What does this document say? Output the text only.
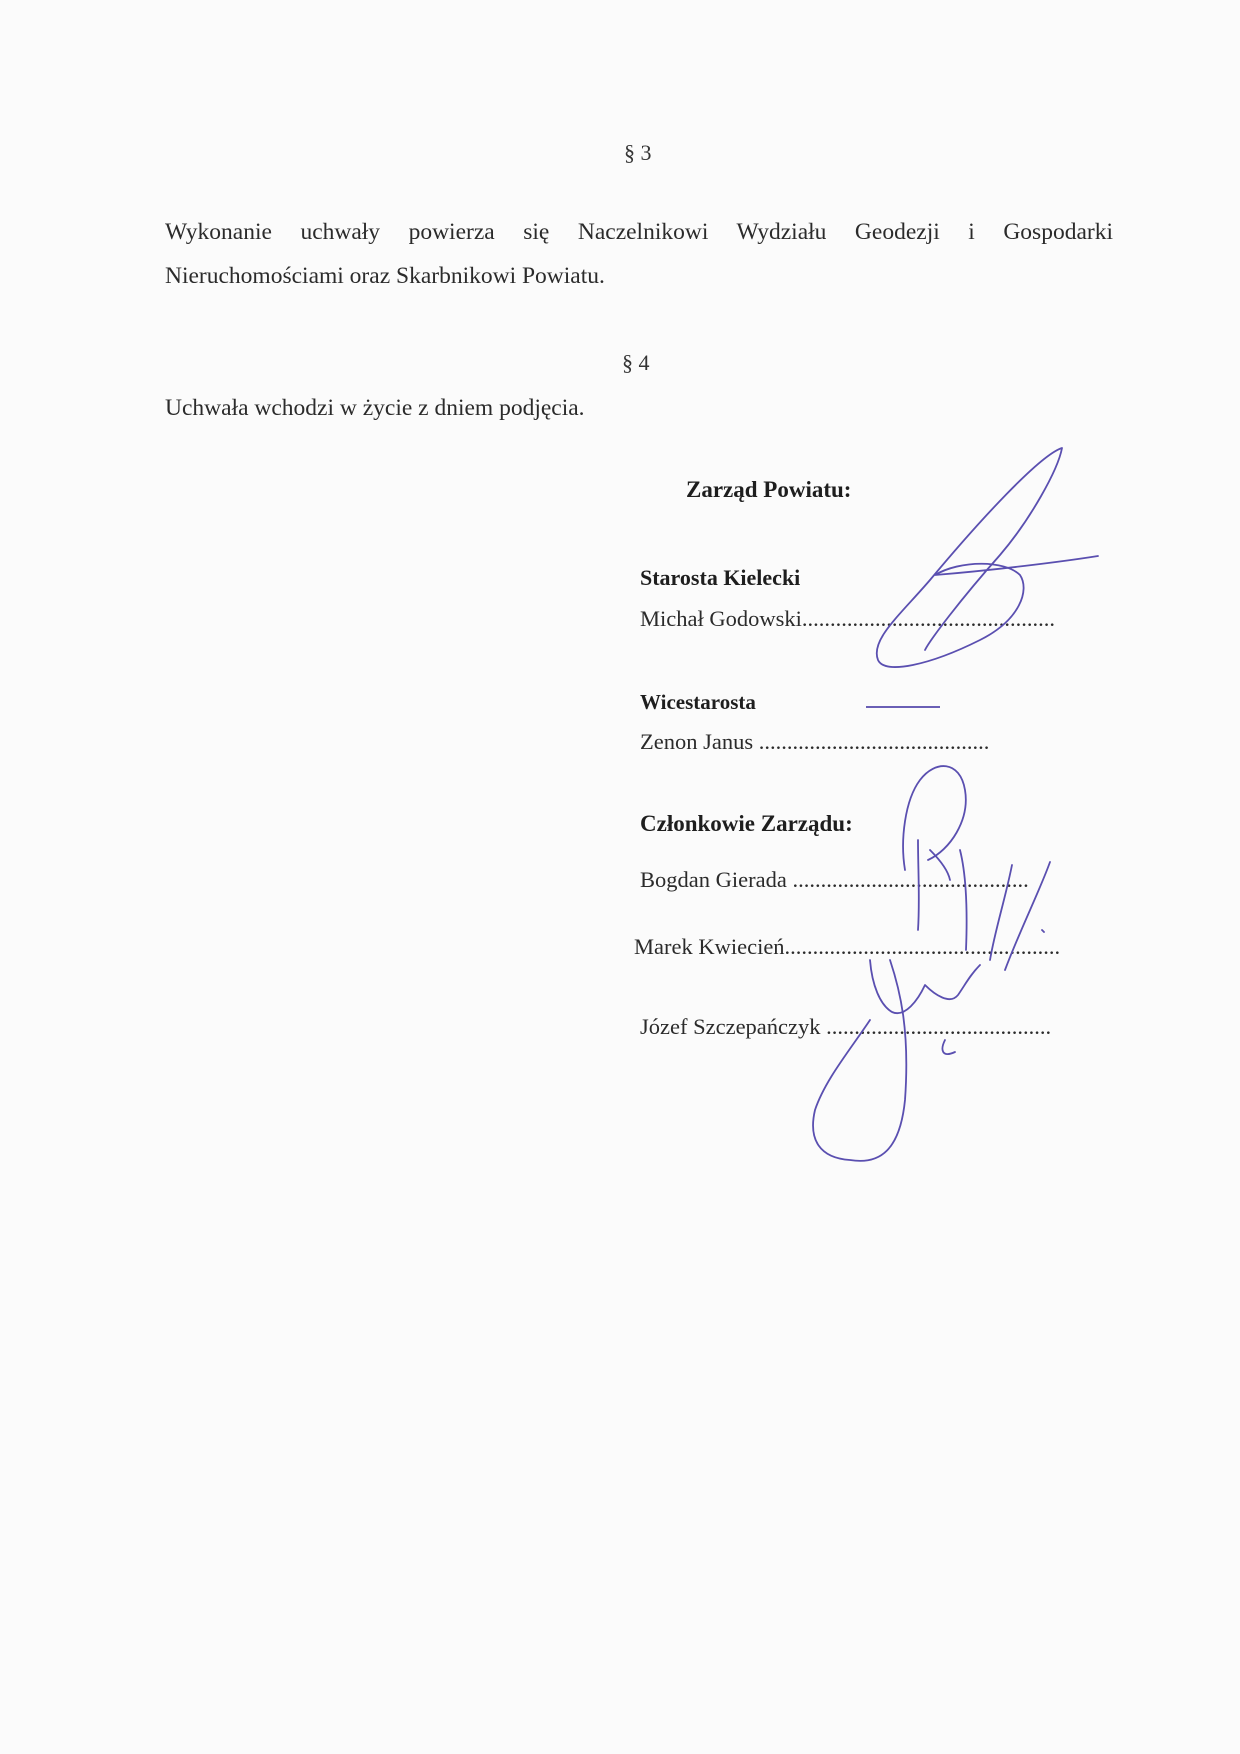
§ 3
Wykonanie uchwały powierza się Naczelnikowi Wydziału Geodezji i Gospodarki
Nieruchomościami oraz Skarbnikowi Powiatu.
§ 4
Uchwała wchodzi w życie z dniem podjęcia.
Zarząd Powiatu:
Starosta Kielecki
Michał Godowski.............................................
Wicestarosta
Zenon Janus .........................................
Członkowie Zarządu:
Bogdan Gierada ..........................................
Marek Kwiecień.................................................
Józef Szczepańczyk ........................................
